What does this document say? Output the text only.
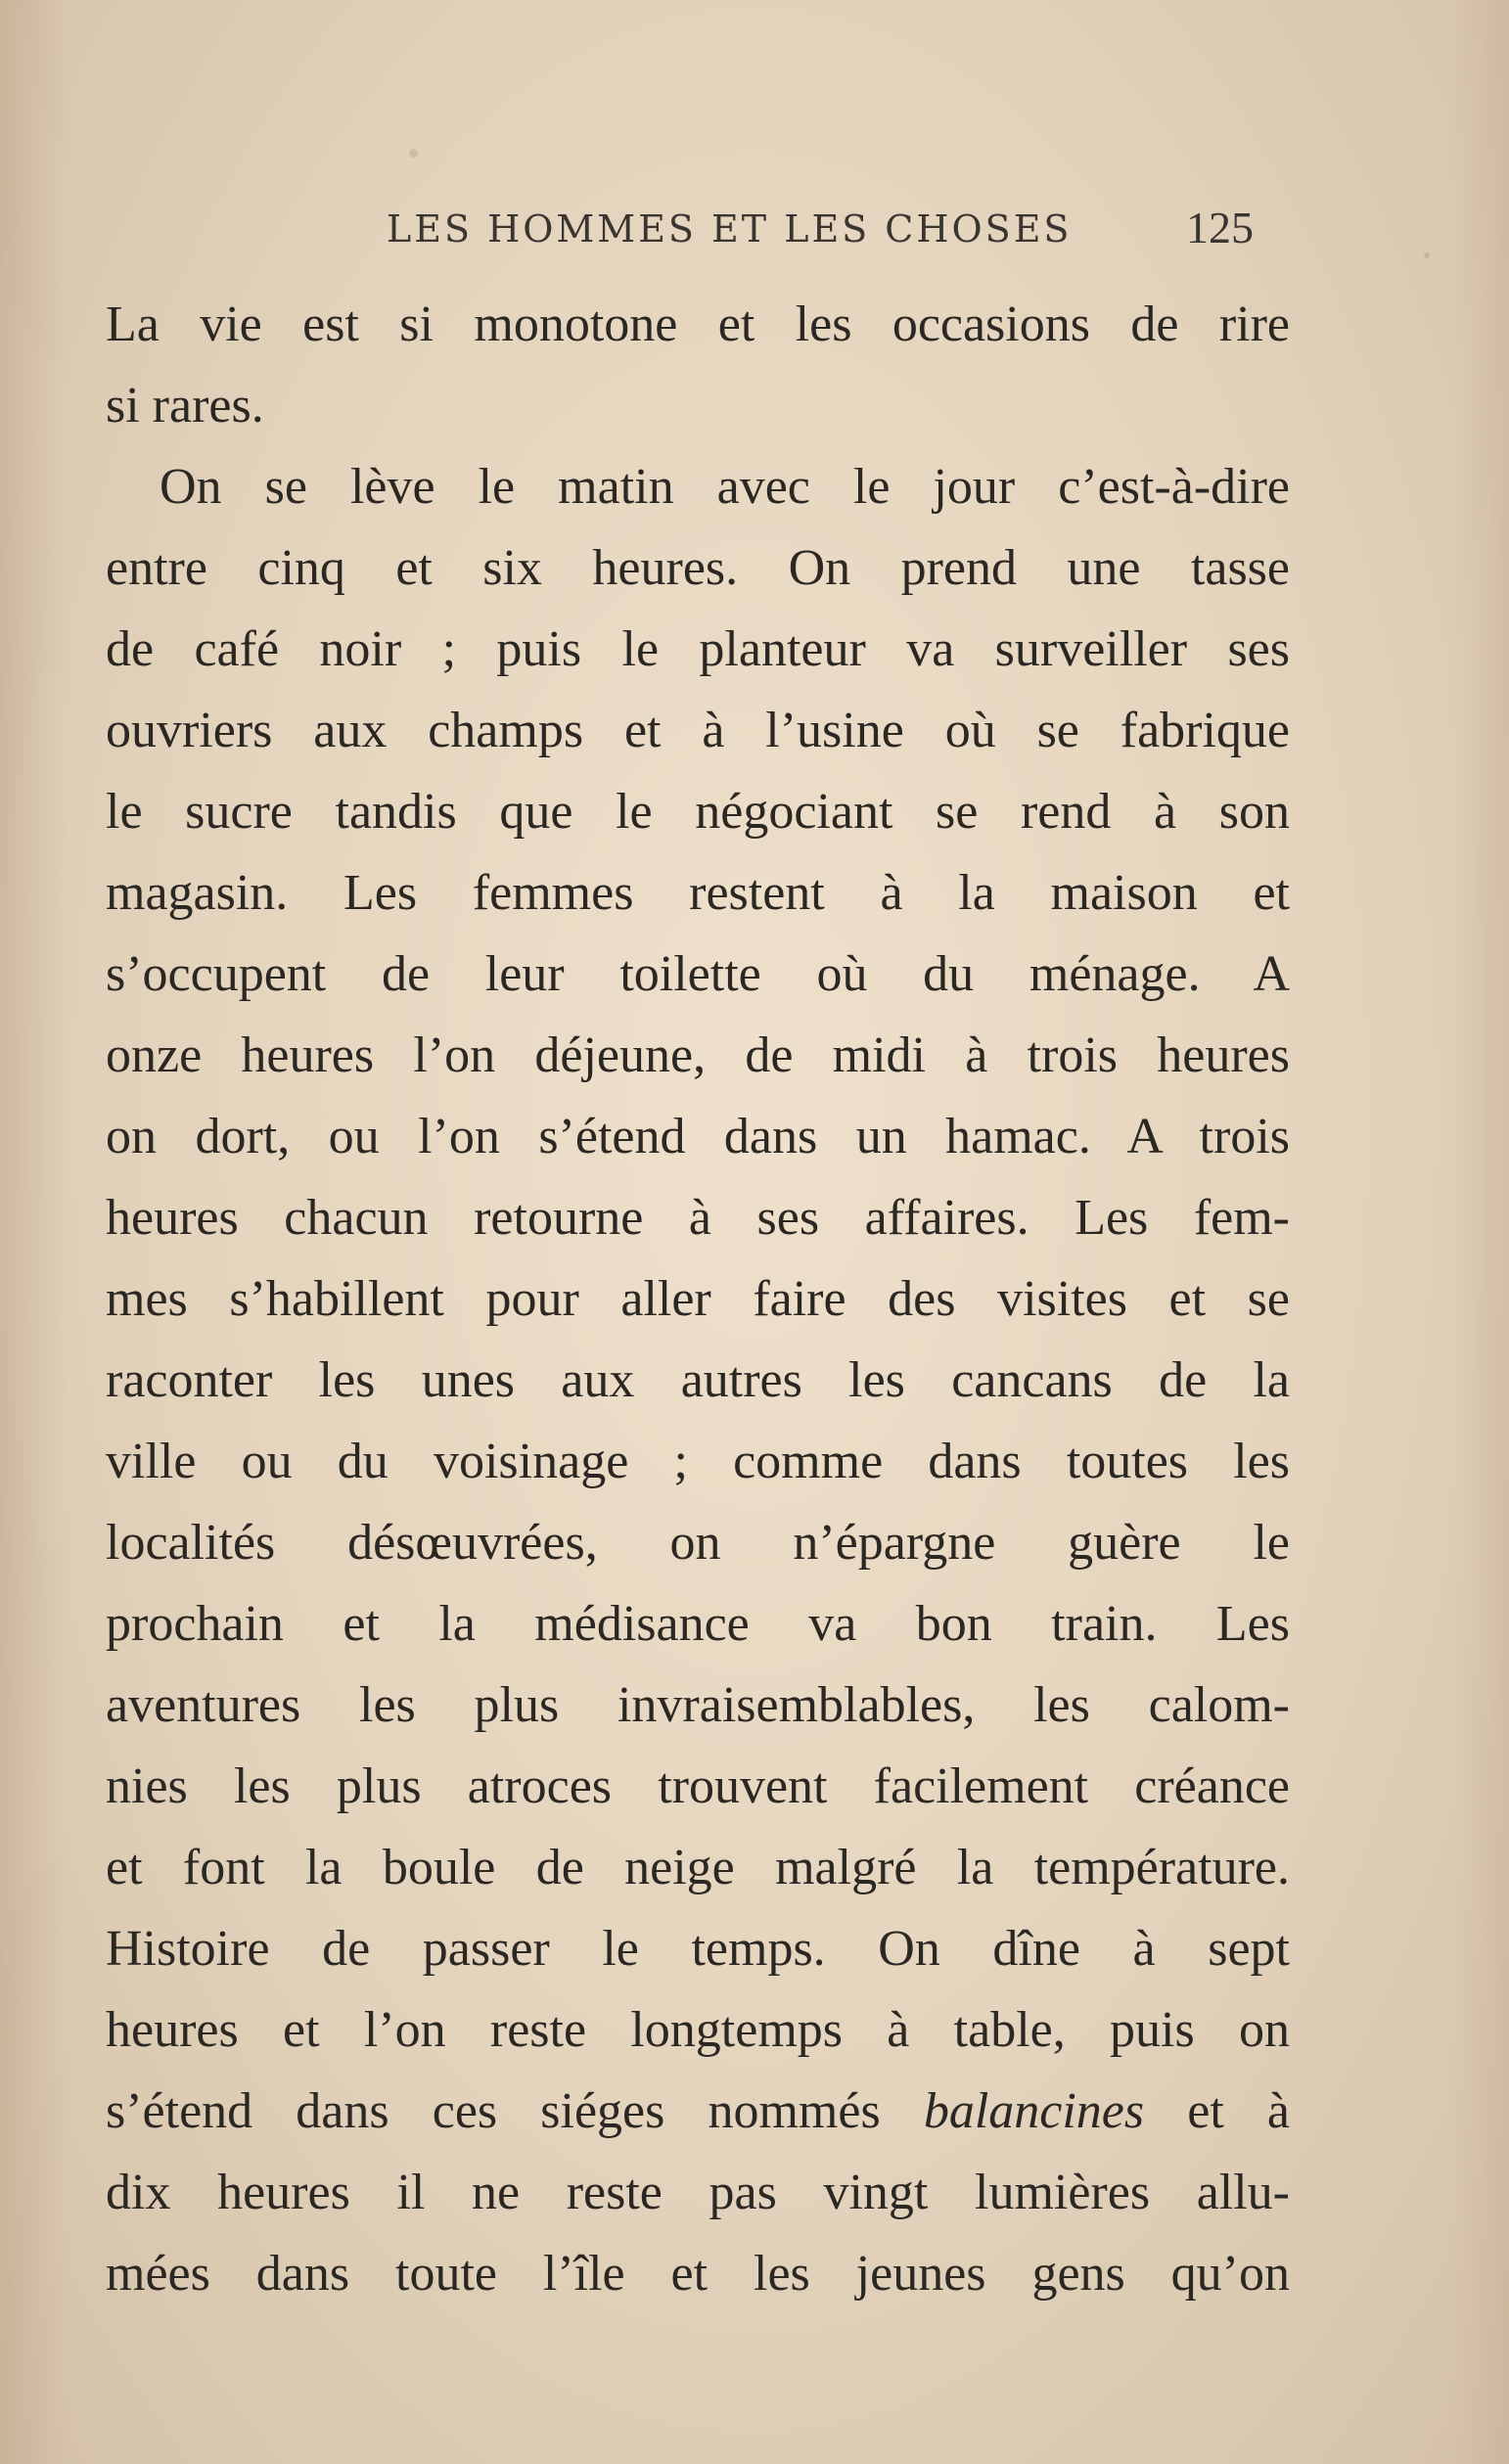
LES HOMMES ET LES CHOSES	125
La vie est si monotone et les occasions de rire
si rares.
On se lève le matin avec le jour c’est-à-dire
entre cinq et six heures. On prend une tasse
de café noir ; puis le planteur va surveiller ses
ouvriers aux champs et à l’usine où se fabrique
le sucre tandis que le négociant se rend à son
magasin. Les femmes restent à la maison et
s’occupent de leur toilette où du ménage. A
onze heures l’on déjeune, de midi à trois heures
on dort, ou l’on s’étend dans un hamac. A trois
heures chacun retourne à ses affaires. Les fem-
mes s’habillent pour aller faire des visites et se
raconter les unes aux autres les cancans de la
ville ou du voisinage ; comme dans toutes les
localités désœuvrées, on n’épargne guère le
prochain et la médisance va bon train. Les
aventures les plus invraisemblables, les calom-
nies les plus atroces trouvent facilement créance
et font la boule de neige malgré la température.
Histoire de passer le temps. On dîne à sept
heures et l’on reste longtemps à table, puis on
s’étend dans ces siéges nommés balancines et à
dix heures il ne reste pas vingt lumières allu-
mées dans toute l’île et les jeunes gens qu’on
